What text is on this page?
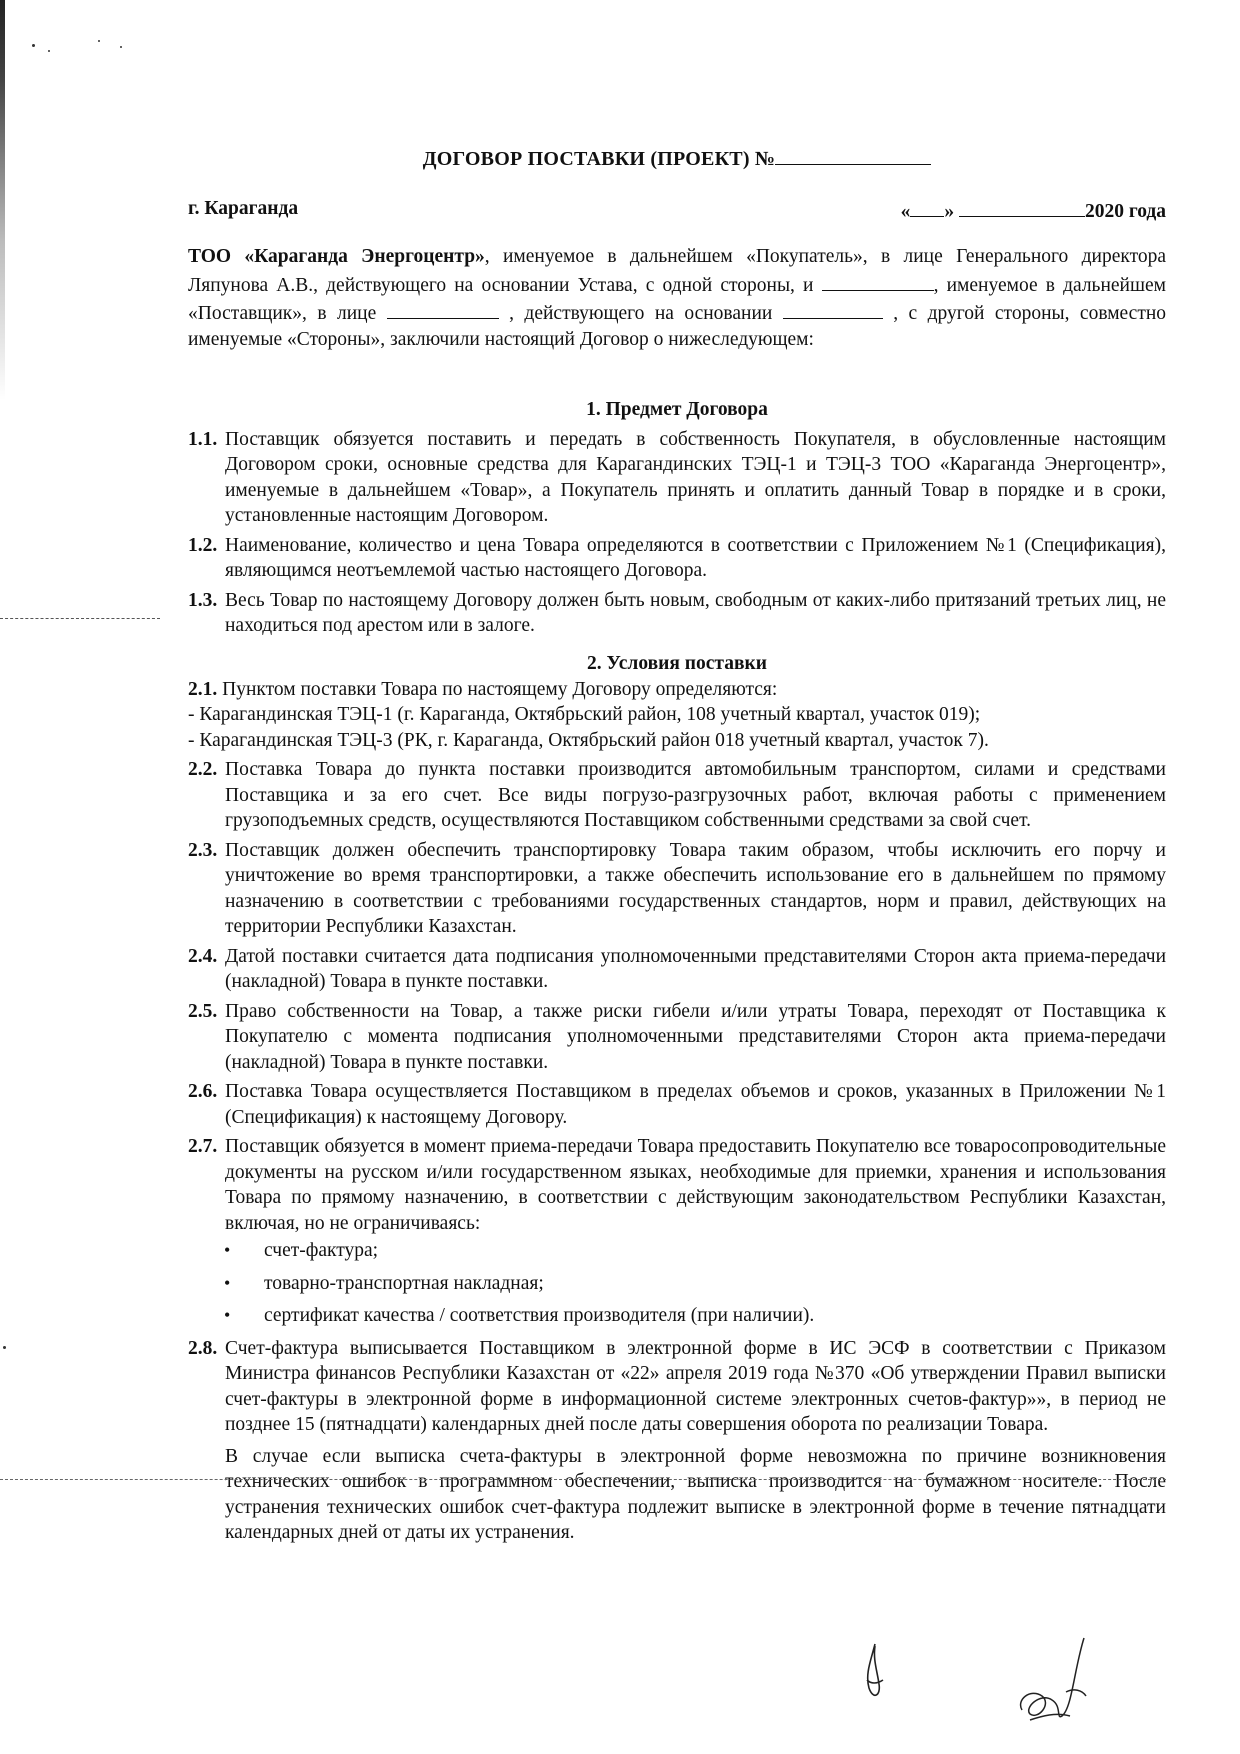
ДОГОВОР ПОСТАВКИ (ПРОЕКТ) №
г. Караганда	« »	2020 года
ТОО «Караганда Энергоцентр», именуемое в дальнейшем «Покупатель», в лице Генерального директора Ляпунова А.В., действующего на основании Устава, с одной стороны, и	, именуемое в дальнейшем «Поставщик», в лице	, действующего на основании	, с другой стороны, совместно именуемые «Стороны», заключили настоящий Договор о нижеследующем:
1. Предмет Договора
1.1. Поставщик обязуется поставить и передать в собственность Покупателя, в обусловленные настоящим Договором сроки, основные средства для Карагандинских ТЭЦ-1 и ТЭЦ-3 ТОО «Караганда Энергоцентр», именуемые в дальнейшем «Товар», а Покупатель принять и оплатить данный Товар в порядке и в сроки, установленные настоящим Договором.
1.2. Наименование, количество и цена Товара определяются в соответствии с Приложением №1 (Спецификация), являющимся неотъемлемой частью настоящего Договора.
1.3. Весь Товар по настоящему Договору должен быть новым, свободным от каких-либо притязаний третьих лиц, не находиться под арестом или в залоге.
2. Условия поставки
2.1. Пунктом поставки Товара по настоящему Договору определяются:
- Карагандинская ТЭЦ-1 (г. Караганда, Октябрьский район, 108 учетный квартал, участок 019);
- Карагандинская ТЭЦ-3 (РК, г. Караганда, Октябрьский район 018 учетный квартал, участок 7).
2.2. Поставка Товара до пункта поставки производится автомобильным транспортом, силами и средствами Поставщика и за его счет. Все виды погрузо-разгрузочных работ, включая работы с применением грузоподъемных средств, осуществляются Поставщиком собственными средствами за свой счет.
2.3. Поставщик должен обеспечить транспортировку Товара таким образом, чтобы исключить его порчу и уничтожение во время транспортировки, а также обеспечить использование его в дальнейшем по прямому назначению в соответствии с требованиями государственных стандартов, норм и правил, действующих на территории Республики Казахстан.
2.4. Датой поставки считается дата подписания уполномоченными представителями Сторон акта приема-передачи (накладной) Товара в пункте поставки.
2.5. Право собственности на Товар, а также риски гибели и/или утраты Товара, переходят от Поставщика к Покупателю с момента подписания уполномоченными представителями Сторон акта приема-передачи (накладной) Товара в пункте поставки.
2.6. Поставка Товара осуществляется Поставщиком в пределах объемов и сроков, указанных в Приложении №1 (Спецификация) к настоящему Договору.
2.7. Поставщик обязуется в момент приема-передачи Товара предоставить Покупателю все товаросопроводительные документы на русском и/или государственном языках, необходимые для приемки, хранения и использования Товара по прямому назначению, в соответствии с действующим законодательством Республики Казахстан, включая, но не ограничиваясь:
• счет-фактура;
• товарно-транспортная накладная;
• сертификат качества / соответствия производителя (при наличии).
2.8. Счет-фактура выписывается Поставщиком в электронной форме в ИС ЭСФ в соответствии с Приказом Министра финансов Республики Казахстан от «22» апреля 2019 года №370 «Об утверждении Правил выписки счет-фактуры в электронной форме в информационной системе электронных счетов-фактур»», в период не позднее 15 (пятнадцати) календарных дней после даты совершения оборота по реализации Товара.
В случае если выписка счета-фактуры в электронной форме невозможна по причине возникновения технических ошибок в программном обеспечении, выписка производится на бумажном носителе. После устранения технических ошибок счет-фактура подлежит выписке в электронной форме в течение пятнадцати календарных дней от даты их устранения.
